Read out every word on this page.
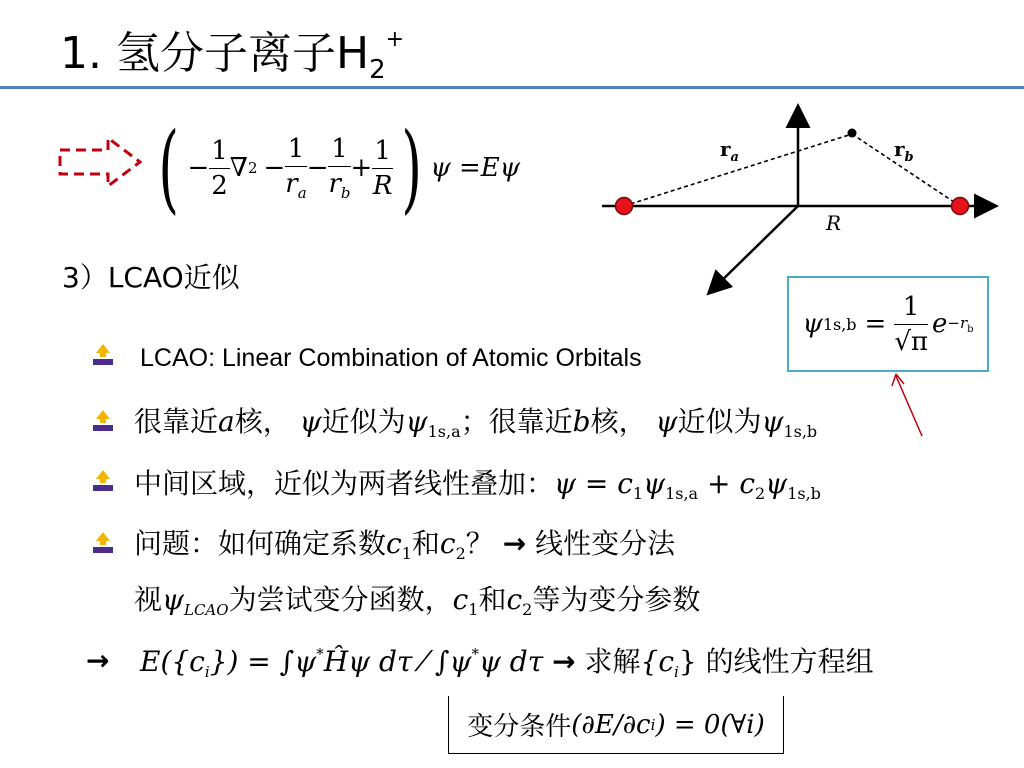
1. 氢分子离子$H_2^+$
( − $\frac{1}{2}$ ∇ $2 - \frac{1}{r_a} - \frac{1}{r_b} + \frac{1}{R}$ ) ψ =Eψ
$r_a$	$r_b$
R
3）LCAO近似
ψ $1s,b = \frac{1}{√\pi}$ $e -r_b$
LCAO: Linear Combination of Atomic Orbitals
很靠近a核， ψ近似为$\psi_{1s,a}$；很靠近b核， ψ近似为$\psi_{1s,b}$
中间区域，近似为两者线性叠加：$\psi = c_1\psi_{1s,a} + c_2\psi_{1s,b}$
问题：如何确定系数$c_1$和$c_2$？ → 线性变分法
视$\psi_{LCAO}$为尝试变分函数，$c_1$和$c_2$等为变分参数
→ $E(\{c_i\})$ = ∫ψ*Ĥψ dτ ⁄ ∫ψ*ψ dτ → 求解$\{c_i\}$ 的线性方程组
变分条件 (∂E/∂c i ) = 0(∀i)
